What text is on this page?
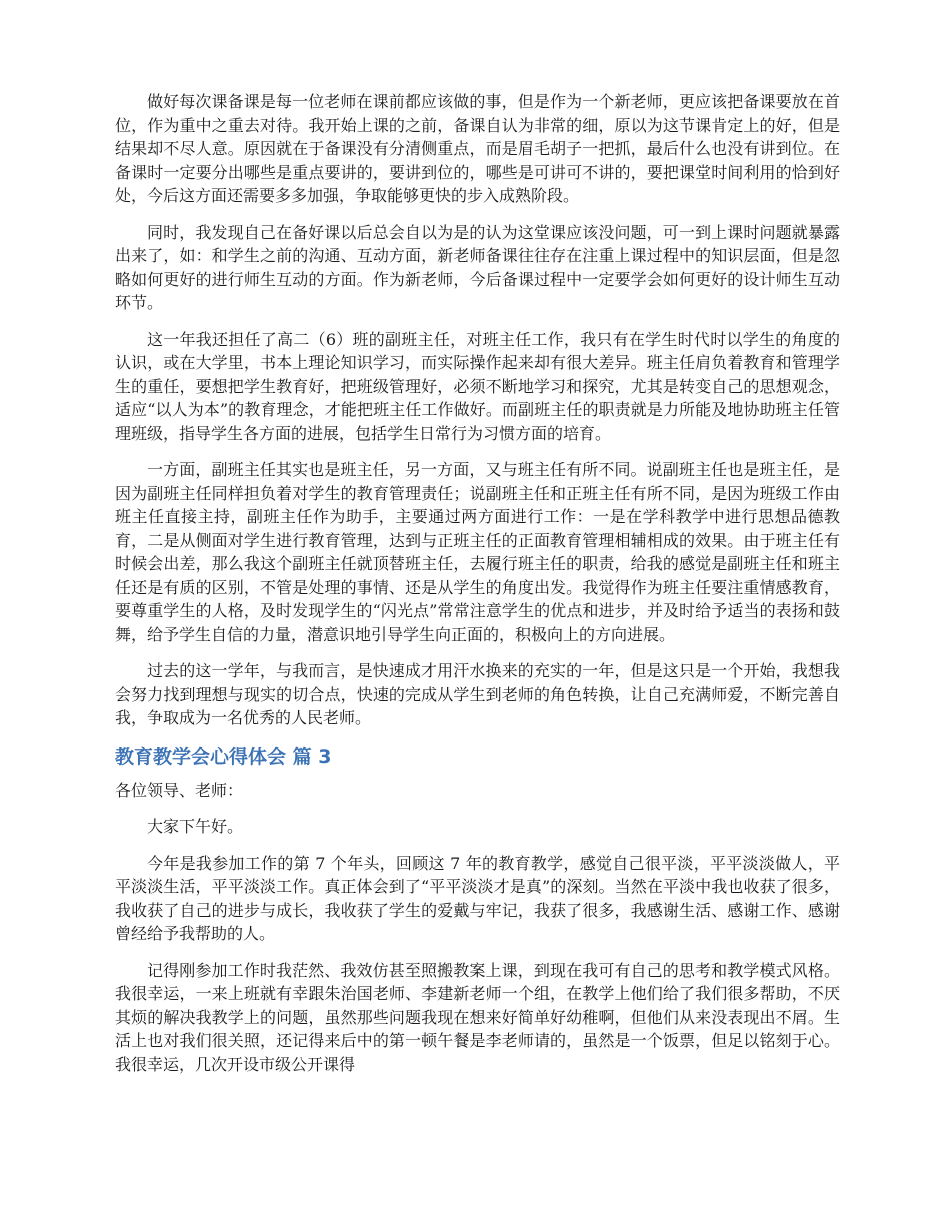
做好每次课备课是每一位老师在课前都应该做的事，但是作为一个新老师，更应该把备课要放在首位，作为重中之重去对待。我开始上课的之前，备课自认为非常的细，原以为这节课肯定上的好，但是结果却不尽人意。原因就在于备课没有分清侧重点，而是眉毛胡子一把抓，最后什么也没有讲到位。在备课时一定要分出哪些是重点要讲的，要讲到位的，哪些是可讲可不讲的，要把课堂时间利用的恰到好处，今后这方面还需要多多加强，争取能够更快的步入成熟阶段。

同时，我发现自己在备好课以后总会自以为是的认为这堂课应该没问题，可一到上课时问题就暴露出来了，如：和学生之前的沟通、互动方面，新老师备课往往存在注重上课过程中的知识层面，但是忽略如何更好的进行师生互动的方面。作为新老师，今后备课过程中一定要学会如何更好的设计师生互动环节。

这一年我还担任了高二（6）班的副班主任，对班主任工作，我只有在学生时代时以学生的角度的认识，或在大学里，书本上理论知识学习，而实际操作起来却有很大差异。班主任肩负着教育和管理学生的重任，要想把学生教育好，把班级管理好，必须不断地学习和探究，尤其是转变自己的思想观念，适应“以人为本”的教育理念，才能把班主任工作做好。而副班主任的职责就是力所能及地协助班主任管理班级，指导学生各方面的进展，包括学生日常行为习惯方面的培育。

一方面，副班主任其实也是班主任，另一方面，又与班主任有所不同。说副班主任也是班主任，是因为副班主任同样担负着对学生的教育管理责任；说副班主任和正班主任有所不同，是因为班级工作由班主任直接主持，副班主任作为助手，主要通过两方面进行工作：一是在学科教学中进行思想品德教育，二是从侧面对学生进行教育管理，达到与正班主任的正面教育管理相辅相成的效果。由于班主任有时候会出差，那么我这个副班主任就顶替班主任，去履行班主任的职责，给我的感觉是副班主任和班主任还是有质的区别，不管是处理的事情、还是从学生的角度出发。我觉得作为班主任要注重情感教育，要尊重学生的人格，及时发现学生的“闪光点”常常注意学生的优点和进步，并及时给予适当的表扬和鼓舞，给予学生自信的力量，潜意识地引导学生向正面的，积极向上的方向进展。

过去的这一学年，与我而言，是快速成才用汗水换来的充实的一年，但是这只是一个开始，我想我会努力找到理想与现实的切合点，快速的完成从学生到老师的角色转换，让自己充满师爱，不断完善自我，争取成为一名优秀的人民老师。

教育教学会心得体会 篇 3

各位领导、老师：

大家下午好。

今年是我参加工作的第 7 个年头，回顾这 7 年的教育教学，感觉自己很平淡，平平淡淡做人，平平淡淡生活，平平淡淡工作。真正体会到了“平平淡淡才是真”的深刻。当然在平淡中我也收获了很多，我收获了自己的进步与成长，我收获了学生的爱戴与牢记，我获了很多，我感谢生活、感谢工作、感谢曾经给予我帮助的人。

记得刚参加工作时我茫然、我效仿甚至照搬教案上课，到现在我可有自己的思考和教学模式风格。我很幸运，一来上班就有幸跟朱治国老师、李建新老师一个组，在教学上他们给了我们很多帮助，不厌其烦的解决我教学上的问题，虽然那些问题我现在想来好简单好幼稚啊，但他们从来没表现出不屑。生活上也对我们很关照，还记得来后中的第一顿午餐是李老师请的，虽然是一个饭票，但足以铭刻于心。我很幸运，几次开设市级公开课得
